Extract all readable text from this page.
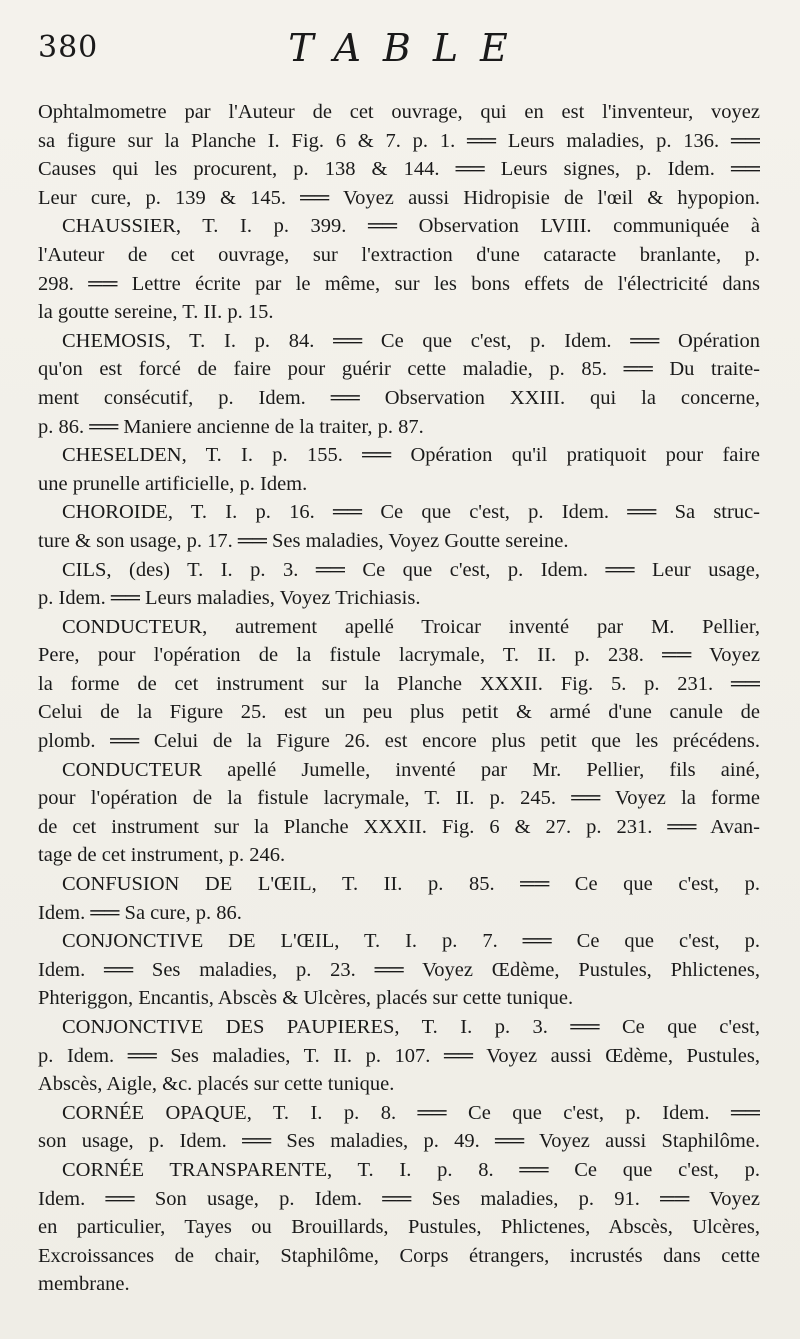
380	TABLE
Ophtalmometre par l'Auteur de cet ouvrage, qui en est l'inventeur, voyez
sa figure sur la Planche I. Fig. 6 & 7. p. 1. ══ Leurs maladies, p. 136. ══
Causes qui les procurent, p. 138 & 144. ══ Leurs signes, p. Idem. ══
Leur cure, p. 139 & 145. ══ Voyez aussi Hidropisie de l'œil & hypopion.
CHAUSSIER, T. I. p. 399. ══ Observation LVIII. communiquée à
l'Auteur de cet ouvrage, sur l'extraction d'une cataracte branlante, p.
298. ══ Lettre écrite par le même, sur les bons effets de l'électricité dans
la goutte sereine, T. II. p. 15.
CHEMOSIS, T. I. p. 84. ══ Ce que c'est, p. Idem. ══ Opération
qu'on est forcé de faire pour guérir cette maladie, p. 85. ══ Du traite-
ment consécutif, p. Idem. ══ Observation XXIII. qui la concerne,
p. 86. ══ Maniere ancienne de la traiter, p. 87.
CHESELDEN, T. I. p. 155. ══ Opération qu'il pratiquoit pour faire
une prunelle artificielle, p. Idem.
CHOROIDE, T. I. p. 16. ══ Ce que c'est, p. Idem. ══ Sa struc-
ture & son usage, p. 17. ══ Ses maladies, Voyez Goutte sereine.
CILS, (des) T. I. p. 3. ══ Ce que c'est, p. Idem. ══ Leur usage,
p. Idem. ══ Leurs maladies, Voyez Trichiasis.
CONDUCTEUR, autrement apellé Troicar inventé par M. Pellier,
Pere, pour l'opération de la fistule lacrymale, T. II. p. 238. ══ Voyez
la forme de cet instrument sur la Planche XXXII. Fig. 5. p. 231. ══
Celui de la Figure 25. est un peu plus petit & armé d'une canule de
plomb. ══ Celui de la Figure 26. est encore plus petit que les précédens.
CONDUCTEUR apellé Jumelle, inventé par Mr. Pellier, fils ainé,
pour l'opération de la fistule lacrymale, T. II. p. 245. ══ Voyez la forme
de cet instrument sur la Planche XXXII. Fig. 6 & 27. p. 231. ══ Avan-
tage de cet instrument, p. 246.
CONFUSION DE L'ŒIL, T. II. p. 85. ══ Ce que c'est, p.
Idem. ══ Sa cure, p. 86.
CONJONCTIVE DE L'ŒIL, T. I. p. 7. ══ Ce que c'est, p.
Idem. ══ Ses maladies, p. 23. ══ Voyez Œdème, Pustules, Phlictenes,
Phteriggon, Encantis, Abscès & Ulcères, placés sur cette tunique.
CONJONCTIVE DES PAUPIERES, T. I. p. 3. ══ Ce que c'est,
p. Idem. ══ Ses maladies, T. II. p. 107. ══ Voyez aussi Œdème, Pustules,
Abscès, Aigle, &c. placés sur cette tunique.
CORNÉE OPAQUE, T. I. p. 8. ══ Ce que c'est, p. Idem. ══
son usage, p. Idem. ══ Ses maladies, p. 49. ══ Voyez aussi Staphilôme.
CORNÉE TRANSPARENTE, T. I. p. 8. ══ Ce que c'est, p.
Idem. ══ Son usage, p. Idem. ══ Ses maladies, p. 91. ══ Voyez
en particulier, Tayes ou Brouillards, Pustules, Phlictenes, Abscès, Ulcères,
Excroissances de chair, Staphilôme, Corps étrangers, incrustés dans cette
membrane.
